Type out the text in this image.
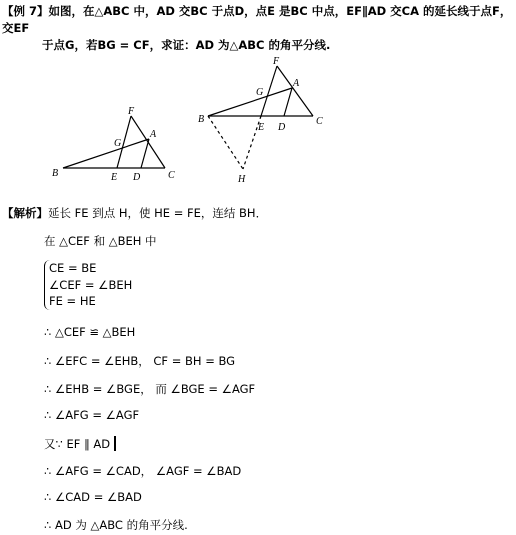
【例 7】如图，在△ABC 中，AD 交BC 于点D，点E 是BC 中点，EF∥AD 交CA 的延长线于点F，交EF
于点G，若BG = CF，求证：AD 为△ABC 的角平分线.
F
G
A
B	E D	C
F
G
A
B
E D
C
H
【解析】延长 FE 到点 H，使 HE = FE，连结 BH．
在 △CEF 和 △BEH 中
CE = BE
∠CEF = ∠BEH
FE = HE
∴ △CEF ≌ △BEH
∴ ∠EFC = ∠EHB， CF = BH = BG
∴ ∠EHB = ∠BGE， 而 ∠BGE = ∠AGF
∴ ∠AFG = ∠AGF
又∵ EF ∥ AD
∴ ∠AFG = ∠CAD， ∠AGF = ∠BAD
∴ ∠CAD = ∠BAD
∴ AD 为 △ABC 的角平分线.
